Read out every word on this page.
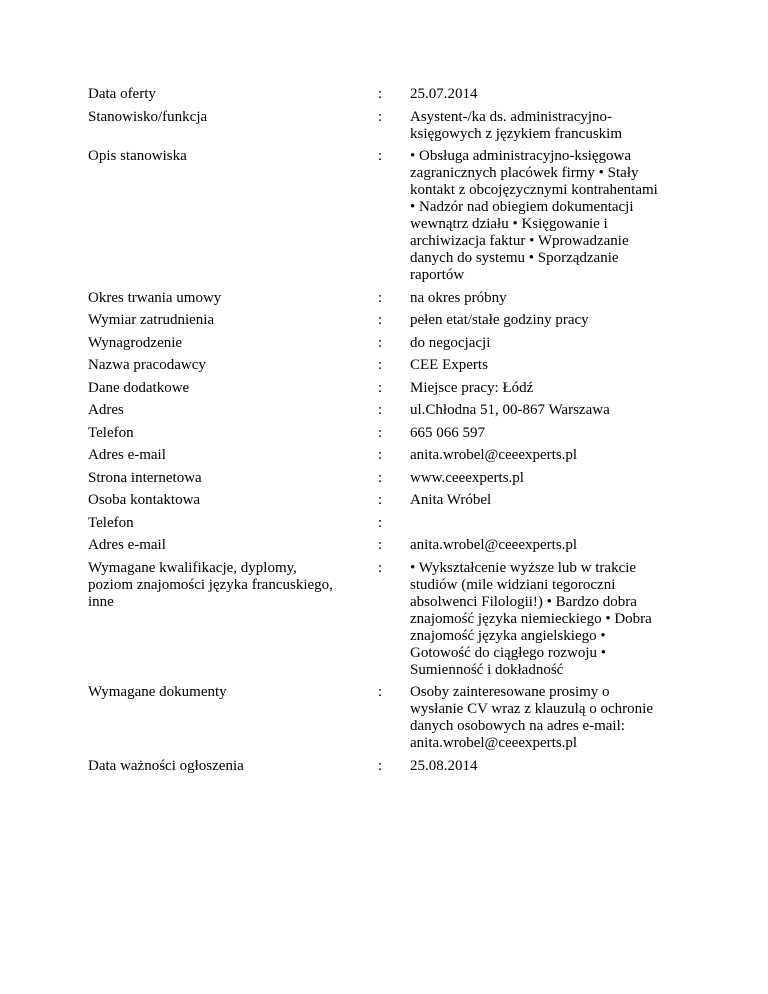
Data oferty	:	25.07.2014
Stanowisko/funkcja	:	Asystent-/ka ds. administracyjno-
księgowych z językiem francuskim
Opis stanowiska	:	• Obsługa administracyjno-księgowa
zagranicznych placówek firmy • Stały
kontakt z obcojęzycznymi kontrahentami
• Nadzór nad obiegiem dokumentacji
wewnątrz działu • Księgowanie i
archiwizacja faktur • Wprowadzanie
danych do systemu • Sporządzanie
raportów
Okres trwania umowy	:	na okres próbny
Wymiar zatrudnienia	:	pełen etat/stałe godziny pracy
Wynagrodzenie	:	do negocjacji
Nazwa pracodawcy	:	CEE Experts
Dane dodatkowe	:	Miejsce pracy: Łódź
Adres	:	ul.Chłodna 51, 00-867 Warszawa
Telefon	:	665 066 597
Adres e-mail	:	anita.wrobel@ceeexperts.pl
Strona internetowa	:	www.ceeexperts.pl
Osoba kontaktowa	:	Anita Wróbel
Telefon	:
Adres e-mail	:	anita.wrobel@ceeexperts.pl
Wymagane kwalifikacje, dyplomy,
poziom znajomości języka francuskiego,
inne
:	• Wykształcenie wyższe lub w trakcie
studiów (mile widziani tegoroczni
absolwenci Filologii!) • Bardzo dobra
znajomość języka niemieckiego • Dobra
znajomość języka angielskiego •
Gotowość do ciągłego rozwoju •
Sumienność i dokładność
Wymagane dokumenty	:	Osoby zainteresowane prosimy o
wysłanie CV wraz z klauzulą o ochronie
danych osobowych na adres e-mail:
anita.wrobel@ceeexperts.pl
Data ważności ogłoszenia	:	25.08.2014
